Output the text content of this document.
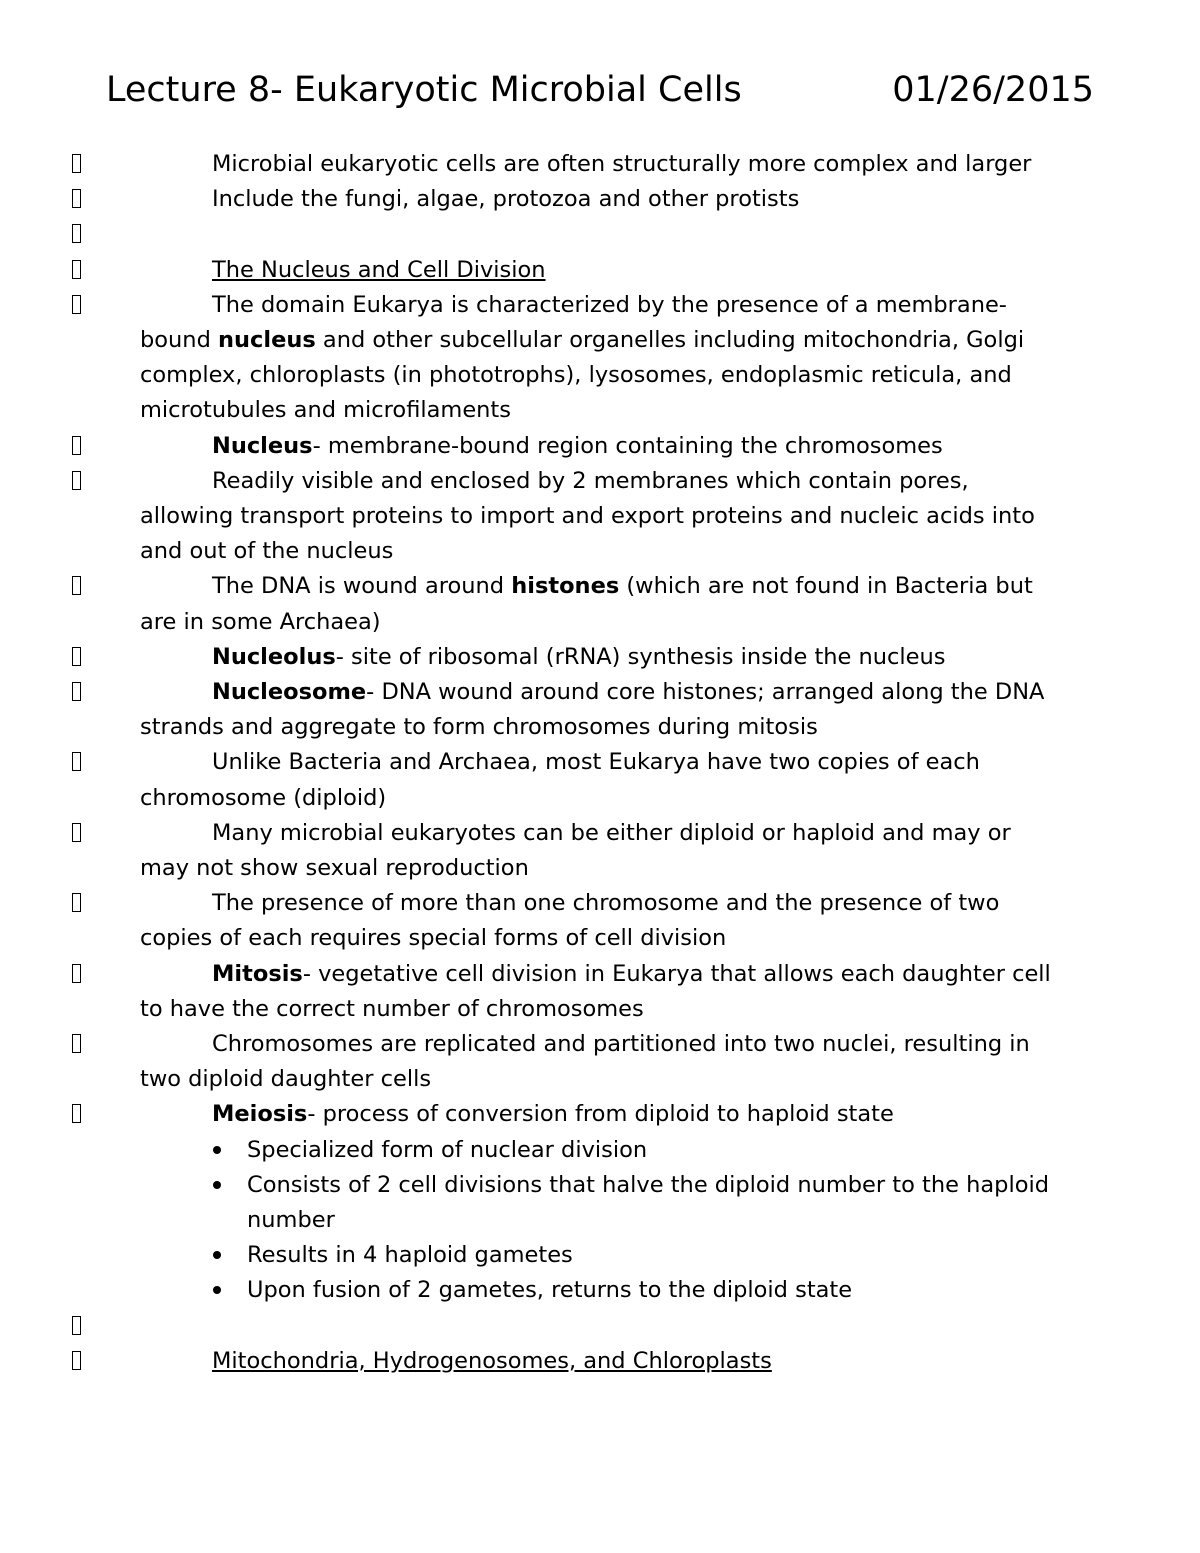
Lecture 8- Eukaryotic Microbial Cells	01/26/2015

Microbial eukaryotic cells are often structurally more complex and larger

Include the fungi, algae, protozoa and other protists

The Nucleus and Cell Division

The domain Eukarya is characterized by the presence of a membrane-bound nucleus and other subcellular organelles including mitochondria, Golgi complex, chloroplasts (in phototrophs), lysosomes, endoplasmic reticula, and microtubules and microfilaments

Nucleus- membrane-bound region containing the chromosomes

Readily visible and enclosed by 2 membranes which contain pores, allowing transport proteins to import and export proteins and nucleic acids into and out of the nucleus

The DNA is wound around histones (which are not found in Bacteria but are in some Archaea)

Nucleolus- site of ribosomal (rRNA) synthesis inside the nucleus

Nucleosome- DNA wound around core histones; arranged along the DNA strands and aggregate to form chromosomes during mitosis

Unlike Bacteria and Archaea, most Eukarya have two copies of each chromosome (diploid)

Many microbial eukaryotes can be either diploid or haploid and may or may not show sexual reproduction

The presence of more than one chromosome and the presence of two copies of each requires special forms of cell division

Mitosis- vegetative cell division in Eukarya that allows each daughter cell to have the correct number of chromosomes

Chromosomes are replicated and partitioned into two nuclei, resulting in two diploid daughter cells

Meiosis- process of conversion from diploid to haploid state

Specialized form of nuclear division

Consists of 2 cell divisions that halve the diploid number to the haploid number

Results in 4 haploid gametes

Upon fusion of 2 gametes, returns to the diploid state

Mitochondria, Hydrogenosomes, and Chloroplasts
